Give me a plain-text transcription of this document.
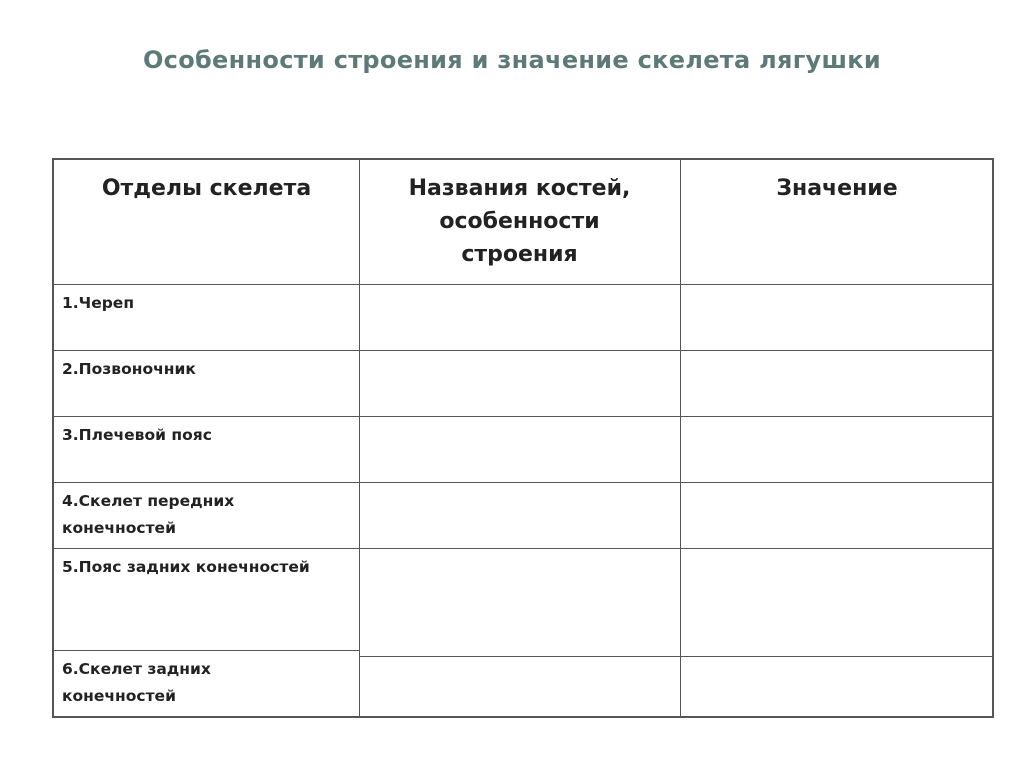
Особенности строения и значение скелета лягушки
Отделы скелета	Названия костей, особенности строения
Значение
1.Череп
2.Позвоночник
3.Плечевой пояс
4.Скелет передних конечностей
5.Пояс задних конечностей
6.Скелет задних конечностей
